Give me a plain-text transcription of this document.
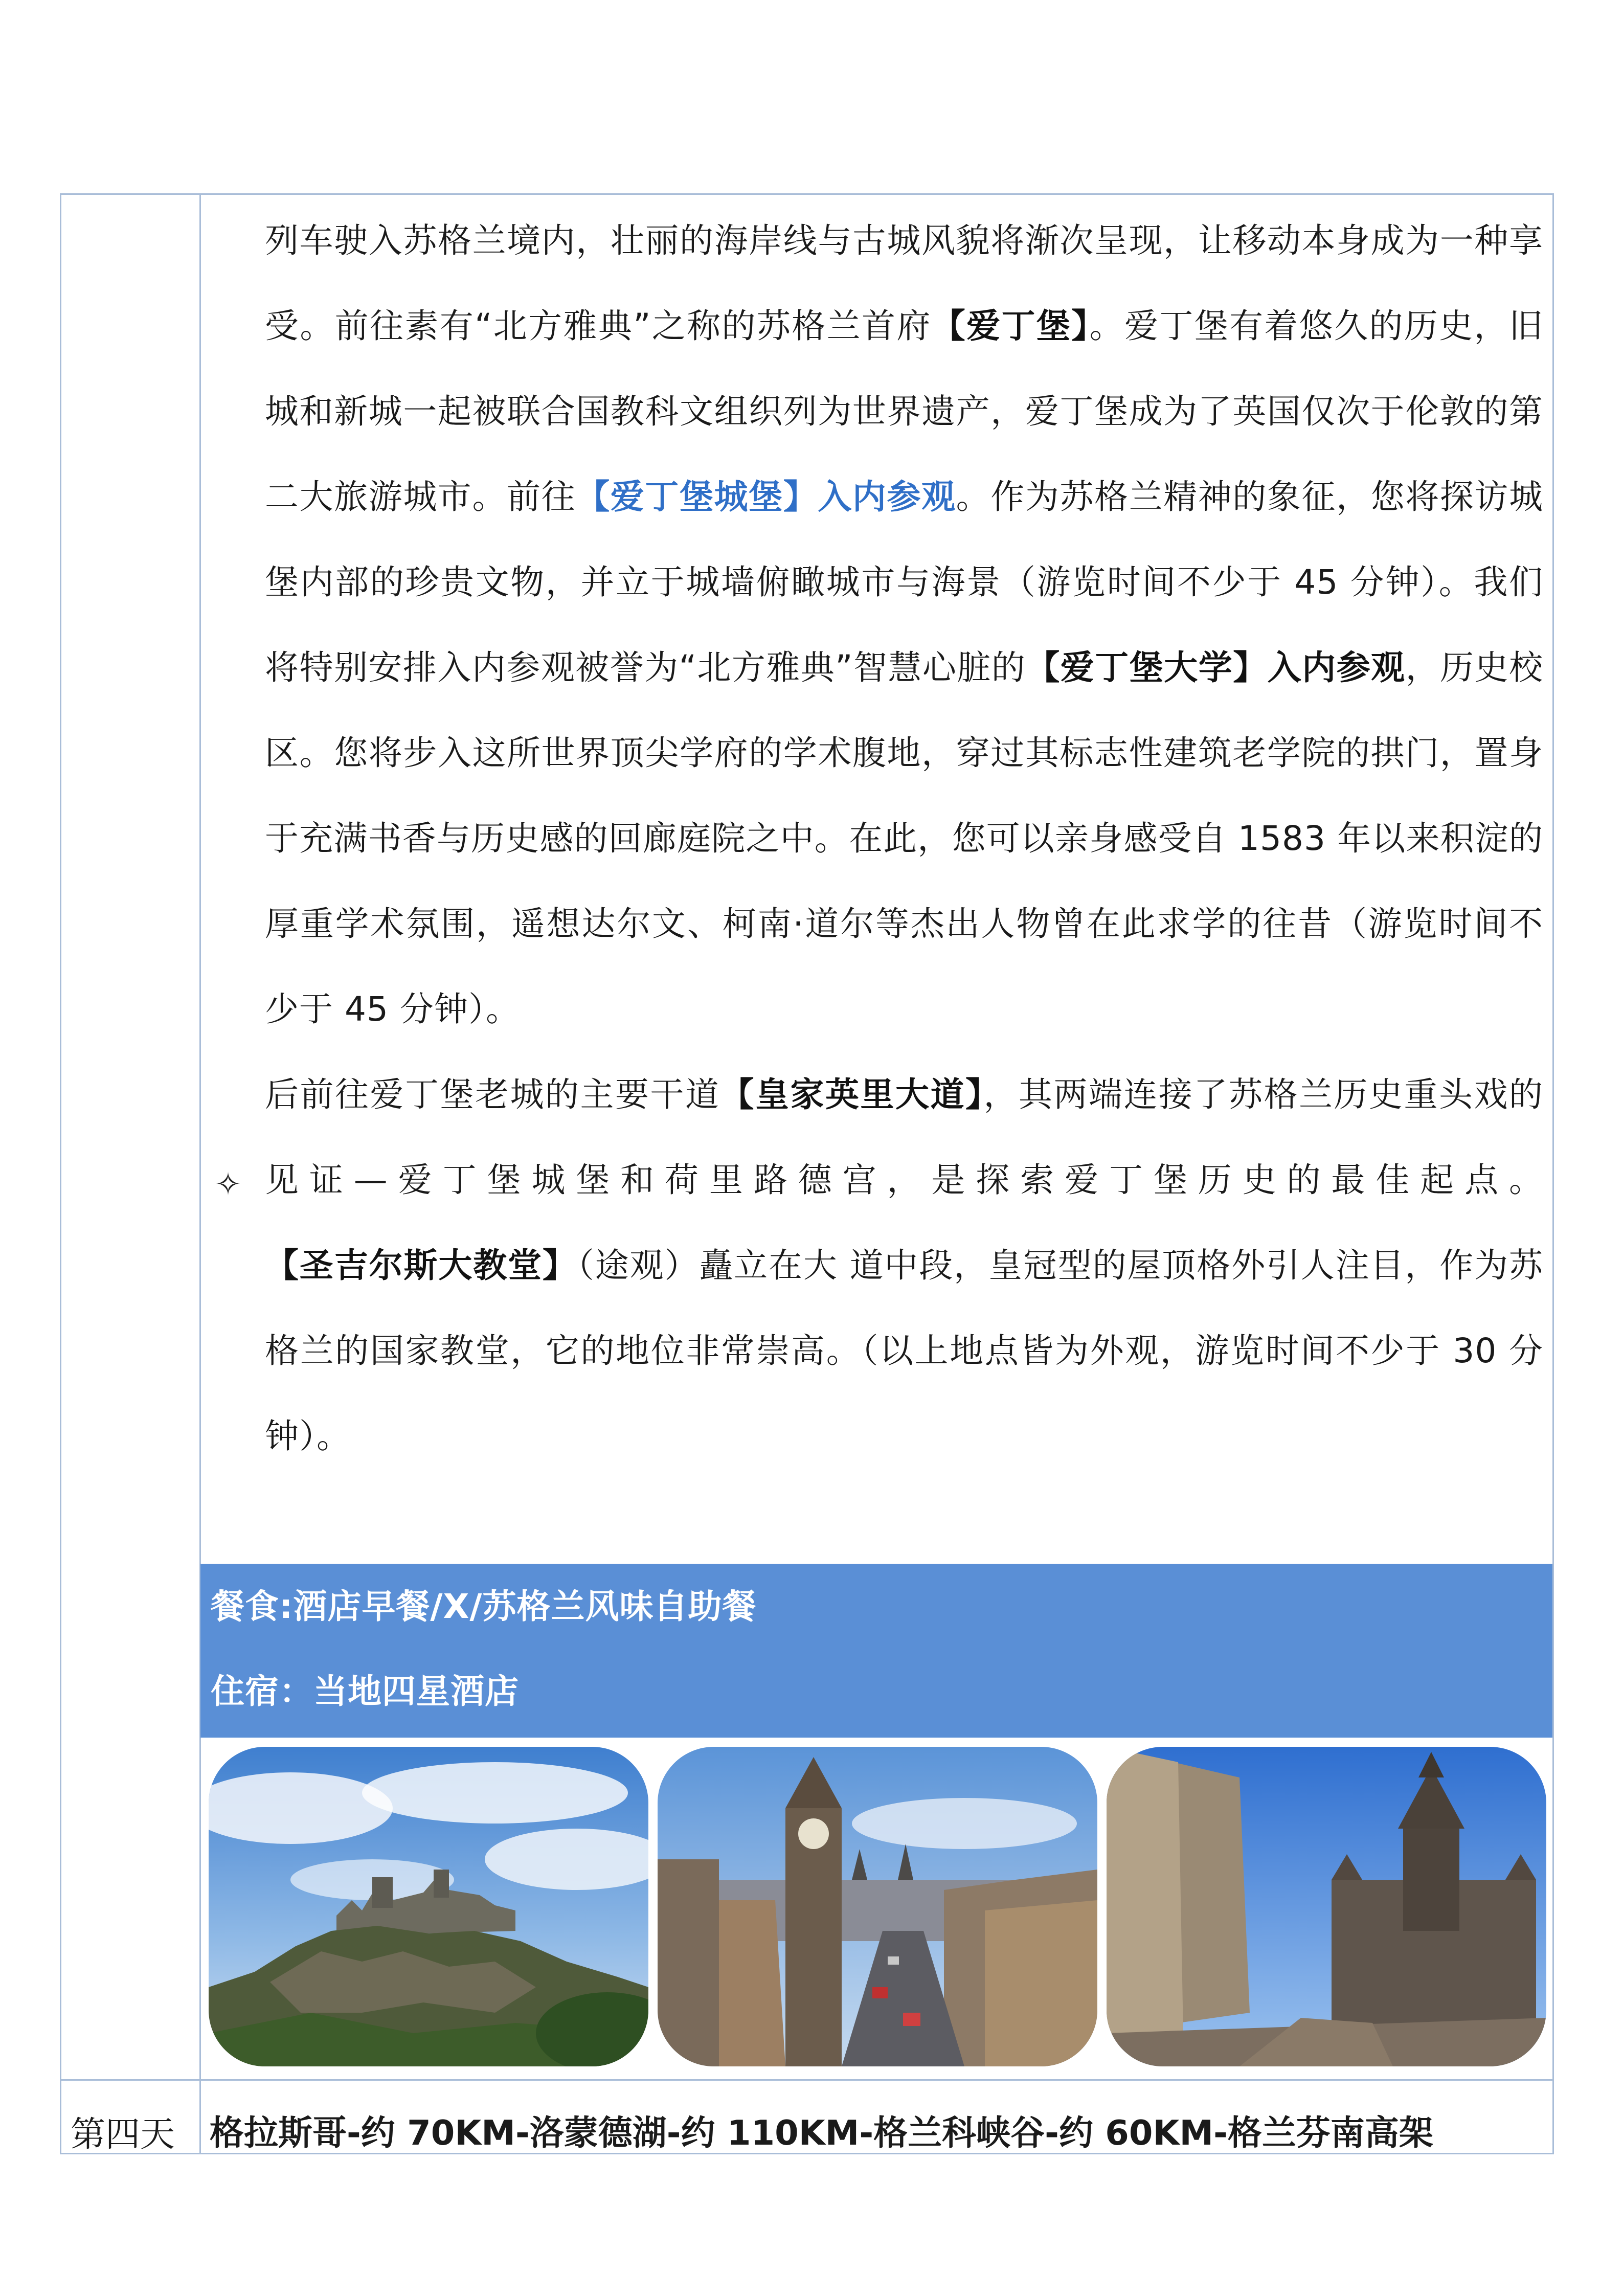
列车驶入苏格兰境内，壮丽的海岸线与古城风貌将渐次呈现，让移动本身成为一种享受。前往素有“北方雅典”之称的苏格兰首府【爱丁堡】。爱丁堡有着悠久的历史，旧城和新城一起被联合国教科文组织列为世界遗产，爱丁堡成为了英国仅次于伦敦的第二大旅游城市。前往【爱丁堡城堡】入内参观。作为苏格兰精神的象征，您将探访城堡内部的珍贵文物，并立于城墙俯瞰城市与海景（游览时间不少于 45 分钟）。我们将特别安排入内参观被誉为“北方雅典”智慧心脏的【爱丁堡大学】入内参观，历史校区。您将步入这所世界顶尖学府的学术腹地，穿过其标志性建筑老学院的拱门，置身于充满书香与历史感的回廊庭院之中。在此，您可以亲身感受自 1583 年以来积淀的厚重学术氛围，遥想达尔文、柯南·道尔等杰出人物曾在此求学的往昔（游览时间不少于 45 分钟）。

后前往爱丁堡老城的主要干道【皇家英里大道】，其两端连接了苏格兰历史重头戏的见证—爱丁堡城堡和荷里路德宫，是探索爱丁堡历史的最佳起点。【圣吉尔斯大教堂】（途观）矗立在大 道中段，皇冠型的屋顶格外引人注目，作为苏格兰的国家教堂，它的地位非常崇高。（以上地点皆为外观，游览时间不少于 30 分钟）。

✧
餐食:酒店早餐/X/苏格兰风味自助餐
住宿：当地四星酒店
第四天 格拉斯哥-约 70KM-洛蒙德湖-约 110KM-格兰科峡谷-约 60KM-格兰芬南高架
